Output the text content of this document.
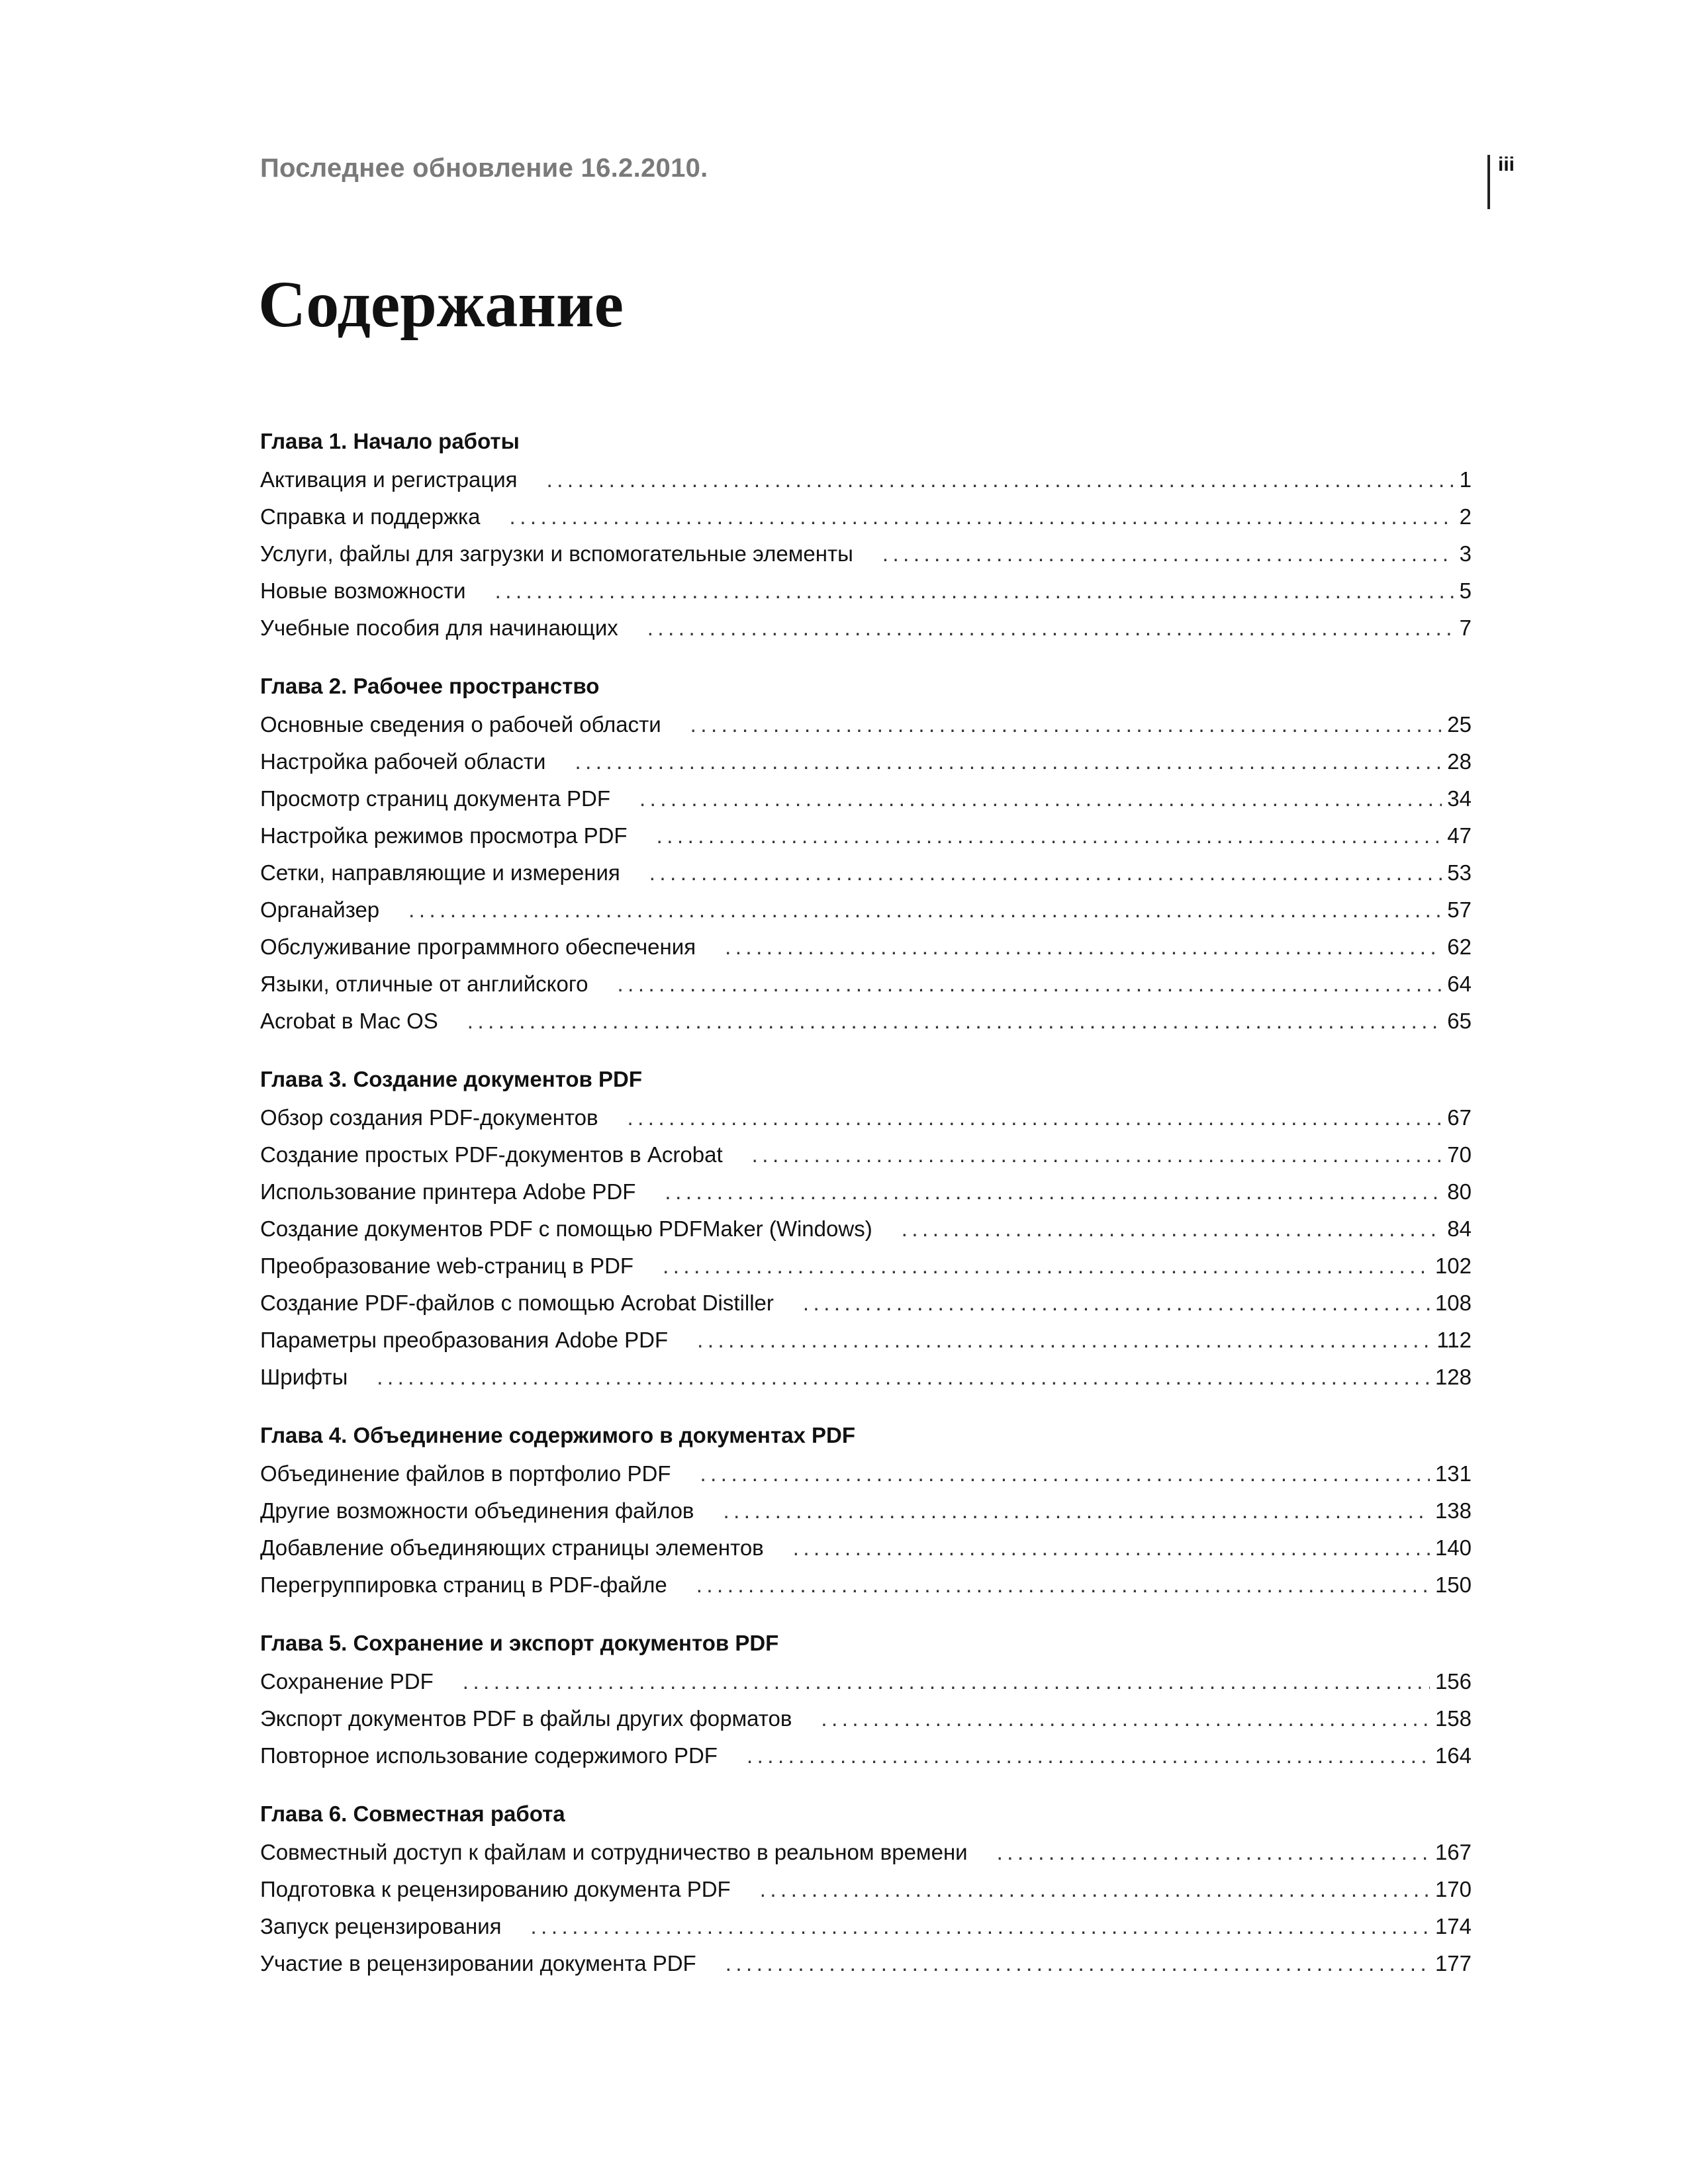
Последнее обновление 16.2.2010.	iii
Содержание
Глава 1. Начало работы
Активация и регистрация .....	1
Справка и поддержка .....	2
Услуги, файлы для загрузки и вспомогательные элементы .....	3
Новые возможности .....	5
Учебные пособия для начинающих .....	7
Глава 2. Рабочее пространство
Основные сведения о рабочей области .....	25
Настройка рабочей области .....	28
Просмотр страниц документа PDF .....	34
Настройка режимов просмотра PDF .....	47
Сетки, направляющие и измерения .....	53
Органайзер .....	57
Обслуживание программного обеспечения .....	62
Языки, отличные от английского .....	64
Acrobat в Mac OS .....	65
Глава 3. Создание документов PDF
Обзор создания PDF-документов .....	67
Создание простых PDF-документов в Acrobat .....	70
Использование принтера Adobe PDF .....	80
Создание документов PDF с помощью PDFMaker (Windows) .....	84
Преобразование web-страниц в PDF .....	102
Создание PDF-файлов с помощью Acrobat Distiller .....	108
Параметры преобразования Adobe PDF .....	112
Шрифты .....	128
Глава 4. Объединение содержимого в документах PDF
Объединение файлов в портфолио PDF .....	131
Другие возможности объединения файлов .....	138
Добавление объединяющих страницы элементов .....	140
Перегруппировка страниц в PDF-файле .....	150
Глава 5. Сохранение и экспорт документов PDF
Сохранение PDF .....	156
Экспорт документов PDF в файлы других форматов .....	158
Повторное использование содержимого PDF .....	164
Глава 6. Совместная работа
Совместный доступ к файлам и сотрудничество в реальном времени .....	167
Подготовка к рецензированию документа PDF .....	170
Запуск рецензирования .....	174
Участие в рецензировании документа PDF .....	177
